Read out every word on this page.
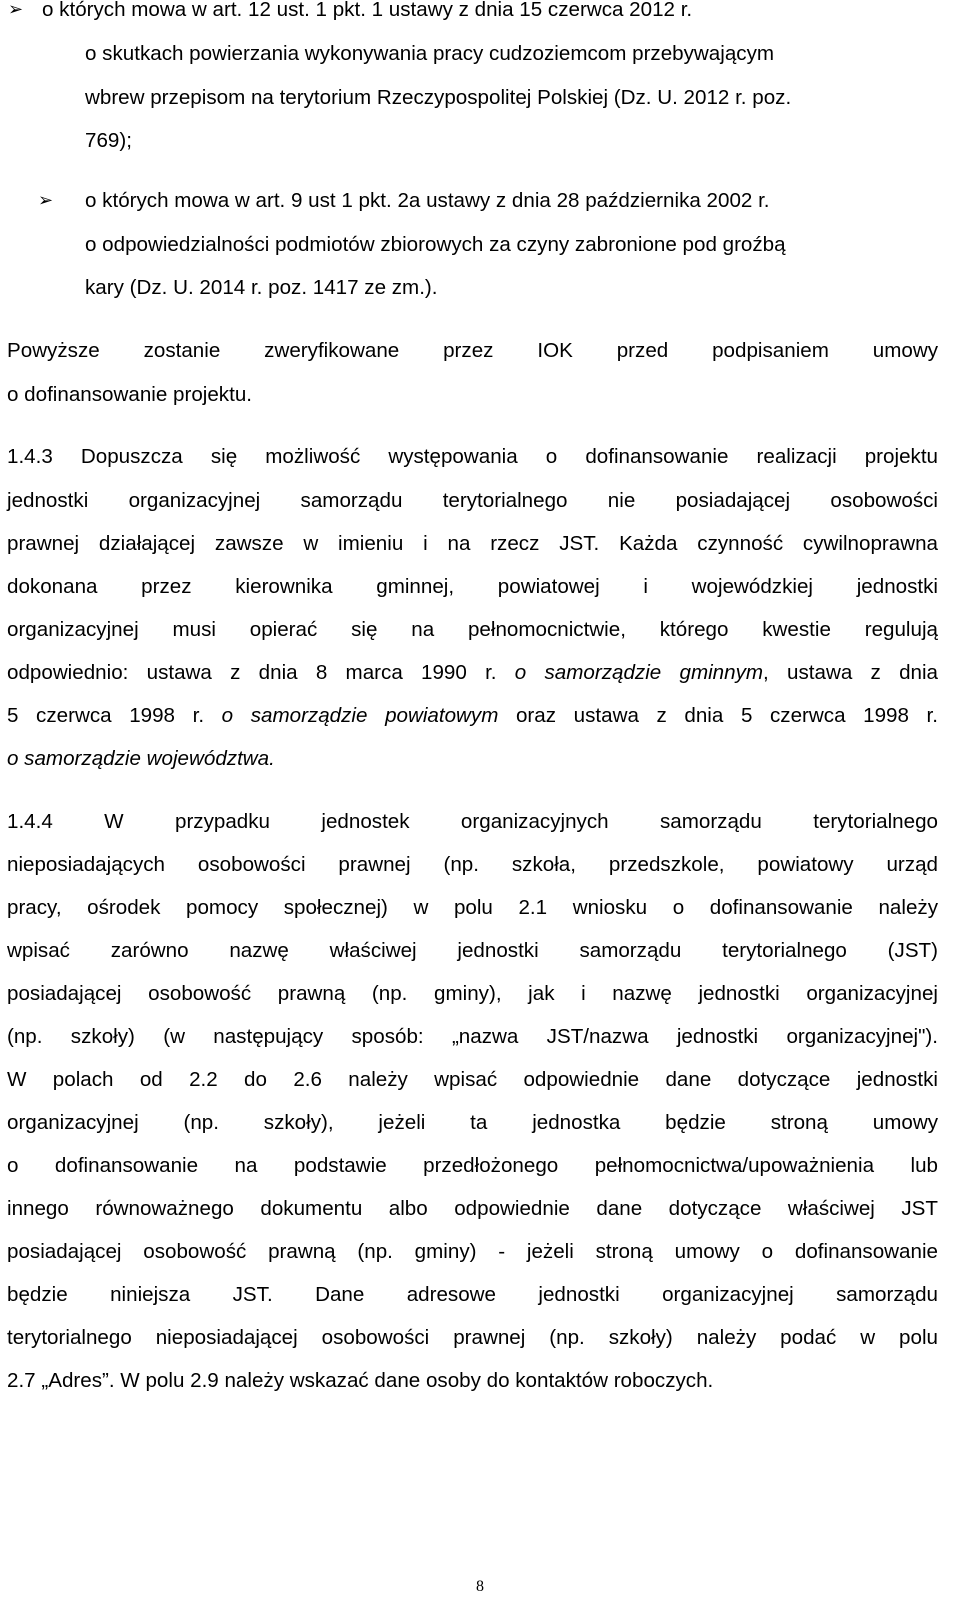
➢ o których mowa w art. 12 ust. 1 pkt. 1 ustawy z dnia 15 czerwca 2012 r.
o skutkach powierzania wykonywania pracy cudzoziemcom przebywającym
wbrew przepisom na terytorium Rzeczypospolitej Polskiej (Dz. U. 2012 r. poz.
769);
➢ o których mowa w art. 9 ust 1 pkt. 2a ustawy z dnia 28 października 2002 r.
o odpowiedzialności podmiotów zbiorowych za czyny zabronione pod groźbą
kary (Dz. U. 2014 r. poz. 1417 ze zm.).
Powyższe zostanie zweryfikowane przez IOK przed podpisaniem umowy
o dofinansowanie projektu.
1.4.3 Dopuszcza się możliwość występowania o dofinansowanie realizacji projektu
jednostki organizacyjnej samorządu terytorialnego nie posiadającej osobowości
prawnej działającej zawsze w imieniu i na rzecz JST. Każda czynność cywilnoprawna
dokonana przez kierownika gminnej, powiatowej i wojewódzkiej jednostki
organizacyjnej musi opierać się na pełnomocnictwie, którego kwestie regulują
odpowiednio: ustawa z dnia 8 marca 1990 r. o samorządzie gminnym, ustawa z dnia
5 czerwca 1998 r. o samorządzie powiatowym oraz ustawa z dnia 5 czerwca 1998 r.
o samorządzie województwa.
1.4.4 W przypadku jednostek organizacyjnych samorządu terytorialnego
nieposiadających osobowości prawnej (np. szkoła, przedszkole, powiatowy urząd
pracy, ośrodek pomocy społecznej) w polu 2.1 wniosku o dofinansowanie należy
wpisać zarówno nazwę właściwej jednostki samorządu terytorialnego (JST)
posiadającej osobowość prawną (np. gminy), jak i nazwę jednostki organizacyjnej
(np. szkoły) (w następujący sposób: „nazwa JST/nazwa jednostki organizacyjnej").
W polach od 2.2 do 2.6 należy wpisać odpowiednie dane dotyczące jednostki
organizacyjnej (np. szkoły), jeżeli ta jednostka będzie stroną umowy
o dofinansowanie na podstawie przedłożonego pełnomocnictwa/upoważnienia lub
innego równoważnego dokumentu albo odpowiednie dane dotyczące właściwej JST
posiadającej osobowość prawną (np. gminy) - jeżeli stroną umowy o dofinansowanie
będzie niniejsza JST. Dane adresowe jednostki organizacyjnej samorządu
terytorialnego nieposiadającej osobowości prawnej (np. szkoły) należy podać w polu
2.7 „Adres”. W polu 2.9 należy wskazać dane osoby do kontaktów roboczych.
8
